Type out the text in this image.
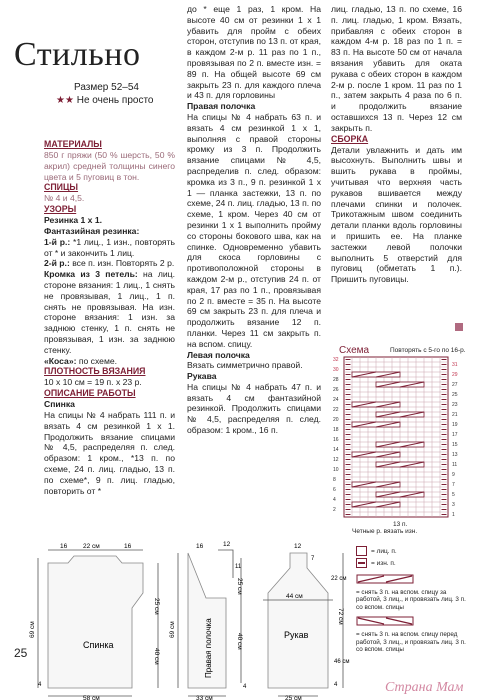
Стильно
Размер 52–54
★★ Не очень просто
МАТЕРИАЛЫ
850 г пряжи (50 % шерсть, 50 % акрил) средней толщины синего цвета и 5 пуговиц в тон.
СПИЦЫ
№ 4 и 4,5.
УЗОРЫ
Резинка 1 х 1.
Фантазийная резинка:
1-й р.: *1 лиц., 1 изн., повторять от * и закончить 1 лиц.
2-й р.: все п. изн. Повторять 2 р.
Кромка из 3 петель: на лиц. стороне вязания: 1 лиц., 1 снять не провязывая, 1 лиц., 1 п. снять не провязывая. На изн. стороне вязания: 1 изн. за заднюю стенку, 1 п. снять не провязывая, 1 изн. за заднюю стенку.
«Коса»: по схеме.
ПЛОТНОСТЬ ВЯЗАНИЯ
10 х 10 см = 19 п. х 23 р.
ОПИСАНИЕ РАБОТЫ
Спинка
На спицы № 4 набрать 111 п. и вязать 4 см резинкой 1 х 1. Продолжить вязание спицами № 4,5, распределяя п. след. образом: 1 кром., *13 п. по схеме, 24 п. лиц. гладью, 13 п. по схеме*, 9 п. лиц. гладью, повторить от *
до * еще 1 раз, 1 кром. На высоте 40 см от резинки 1 х 1 убавить для пройм с обеих сторон, отступив по 13 п. от края, в каждом 2-м р. 11 раз по 1 п., провязывая по 2 п. вместе изн. = 89 п. На общей высоте 69 см закрыть 23 п. для каждого плеча и 43 п. для горловины
Правая полочка
На спицы № 4 набрать 63 п. и вязать 4 см резинкой 1 х 1, выполняя с правой стороны кромку из 3 п. Продолжить вязание спицами № 4,5, распределив п. след. образом: кромка из 3 п., 9 п. резинкой 1 х 1 — планка застежки, 13 п. по схеме, 24 п. лиц. гладью, 13 п. по схеме, 1 кром. Через 40 см от резинки 1 х 1 выполнить пройму со стороны бокового шва, как на спинке. Одновременно убавить для скоса горловины с противоположной стороны в каждом 2-м р., отступив 24 п. от края, 17 раз по 1 п., провязывая по 2 п. вместе = 35 п. На высоте 69 см закрыть 23 п. для плеча и продолжить вязание 12 п. планки. Через 11 см закрыть п. на вспом. спицу.
Левая полочка
Вязать симметрично правой.
Рукава
На спицы № 4 набрать 47 п. и вязать 4 см фантазийной резинкой. Продолжить спицами № 4,5, распределяя п. след. образом: 1 кром., 16 п.
лиц. гладью, 13 п. по схеме, 16 п. лиц. гладью, 1 кром. Вязать, прибавляя с обеих сторон в каждом 4-м р. 18 раз по 1 п. = 83 п. На высоте 50 см от начала вязания убавить для оката рукава с обеих сторон в каждом 2-м р. после 1 кром. 11 раз по 1 п., затем закрыть 4 раза по 6 п. и продолжить вязание оставшихся 13 п. Через 12 см закрыть п.
СБОРКА
Детали увлажнить и дать им высохнуть. Выполнить швы и вшить рукава в проймы, учитывая что верхняя часть рукавов вшивается между плечами спинки и полочек. Трикотажным швом соединить детали планки вдоль горловины и пришить ее. На планке застежки левой полочки выполнить 5 отверстий для пуговиц (обметать 1 п.). Пришить пуговицы.
Схема	Повторять с 5-го по 16-р.
31
29
27
25
23
21
19
17
15
13
11
9
7
5
3
1
32
30
28
26
24
22
20
18
16
14
12
10
8
6
4
2
13 п.
Четные р. вязать изн.
= лиц. п.
= изн. п.
= снять 3 п. на вспом. спицу за работой, 3 лиц., и провязать лиц. 3 п. со вспом. спицы
= снять 3 п. на вспом. спицу перед работой, 3 лиц., и провязать лиц. 3 п. со вспом. спицы
4
16 22 см	16
69 см
25 см
40 см
Спинка
58 см
16	12
11
69 см
25 см
40 см
4
Правая полочка
33 см
12
7
22 см
44 см
Рукав
72 см
46 см
4
25 см
25
Страна Мам
